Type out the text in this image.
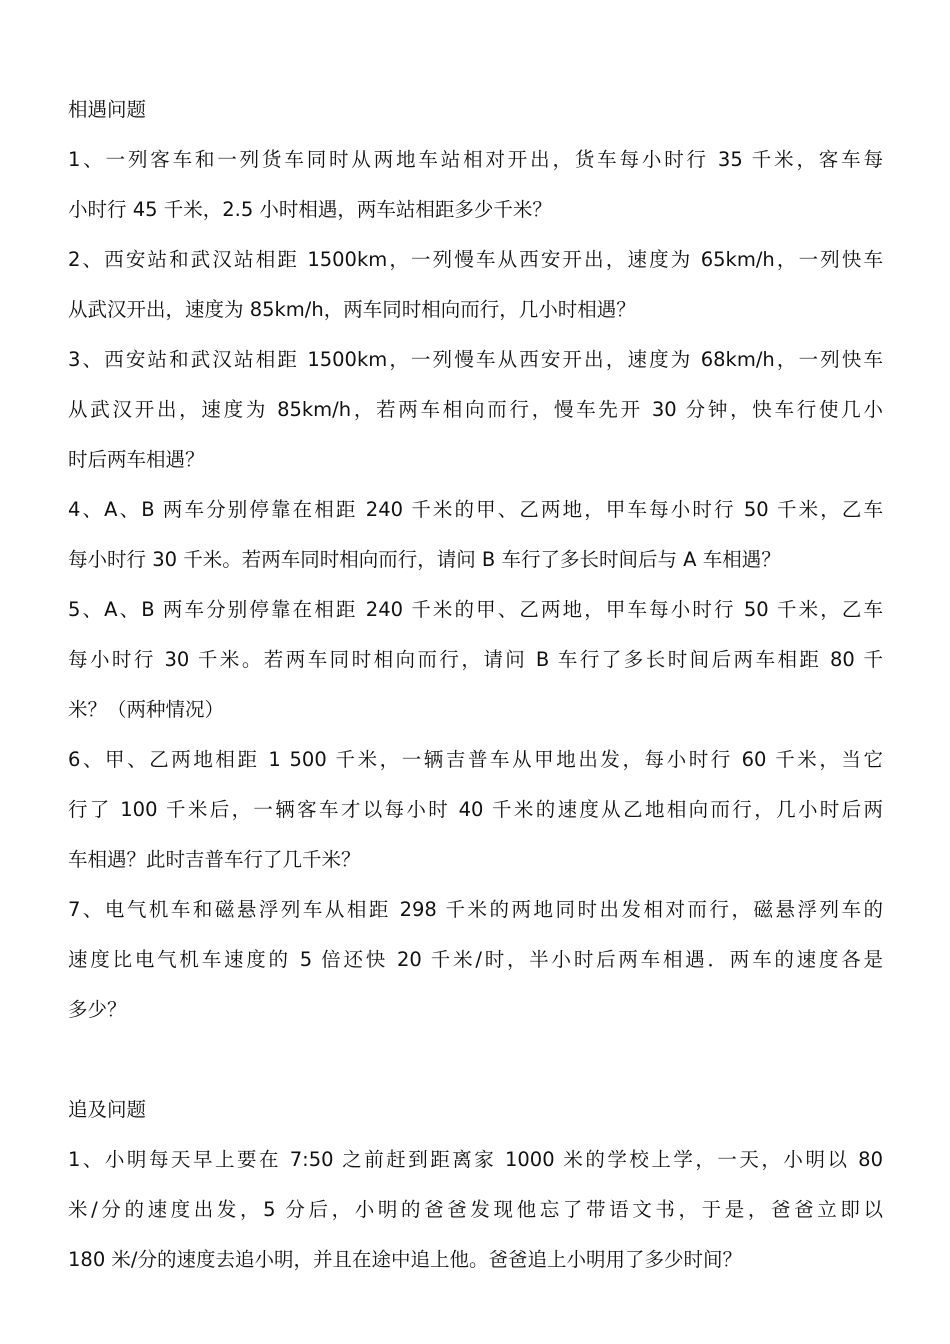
相遇问题
1、一列客车和一列货车同时从两地车站相对开出，货车每小时行 35 千米，客车每
小时行 45 千米，2.5 小时相遇，两车站相距多少千米？
2、西安站和武汉站相距 1500km，一列慢车从西安开出，速度为 65km/h，一列快车
从武汉开出，速度为 85km/h，两车同时相向而行，几小时相遇？
3、西安站和武汉站相距 1500km，一列慢车从西安开出，速度为 68km/h，一列快车
从武汉开出，速度为 85km/h，若两车相向而行，慢车先开 30 分钟，快车行使几小
时后两车相遇？
4、A、B 两车分别停靠在相距 240 千米的甲、乙两地，甲车每小时行 50 千米，乙车
每小时行 30 千米。若两车同时相向而行，请问 B 车行了多长时间后与 A 车相遇？
5、A、B 两车分别停靠在相距 240 千米的甲、乙两地，甲车每小时行 50 千米，乙车
每小时行 30 千米。若两车同时相向而行，请问 B 车行了多长时间后两车相距 80 千
米？（两种情况）
6、甲、乙两地相距 1 500 千米，一辆吉普车从甲地出发，每小时行 60 千米，当它
行了 100 千米后，一辆客车才以每小时 40 千米的速度从乙地相向而行，几小时后两
车相遇？此时吉普车行了几千米？
7、电气机车和磁悬浮列车从相距 298 千米的两地同时出发相对而行，磁悬浮列车的
速度比电气机车速度的 5 倍还快 20 千米/时，半小时后两车相遇．两车的速度各是
多少？
追及问题
1、小明每天早上要在 7:50 之前赶到距离家 1000 米的学校上学，一天，小明以 80
米/分的速度出发，5 分后，小明的爸爸发现他忘了带语文书，于是，爸爸立即以
180 米/分的速度去追小明，并且在途中追上他。爸爸追上小明用了多少时间？
